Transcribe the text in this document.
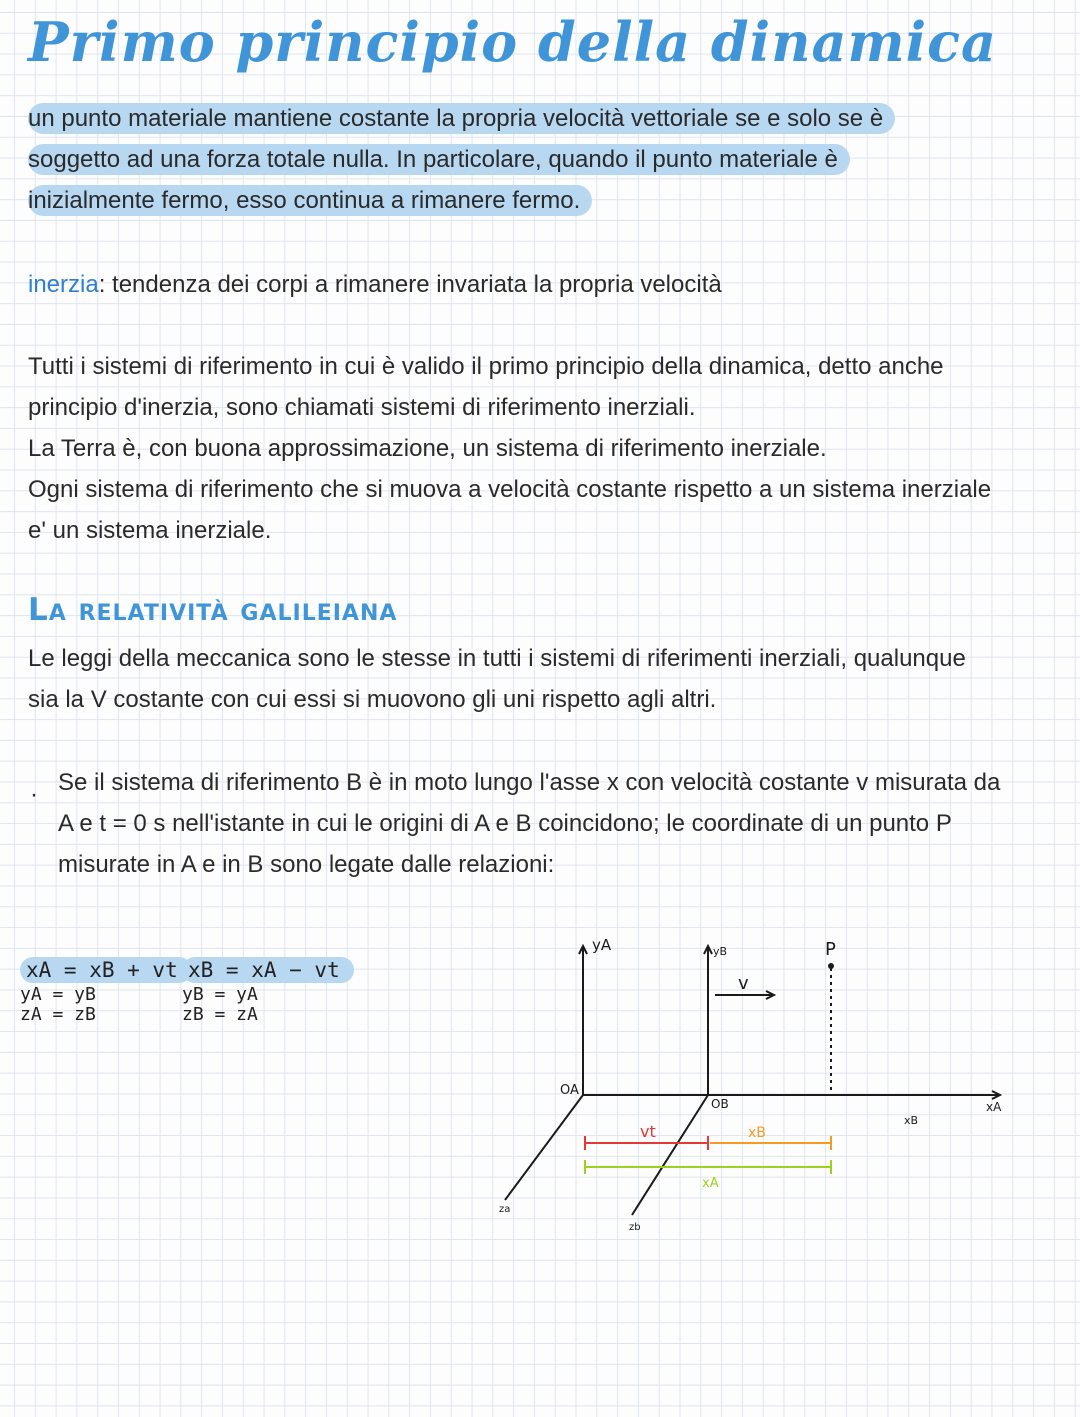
Primo principio della dinamica

un punto materiale mantiene costante la propria velocità vettoriale se e solo se è
soggetto ad una forza totale nulla. In particolare, quando il punto materiale è
inizialmente fermo, esso continua a rimanere fermo.

inerzia: tendenza dei corpi a rimanere invariata la propria velocità

Tutti i sistemi di riferimento in cui è valido il primo principio della dinamica, detto anche
principio d'inerzia, sono chiamati sistemi di riferimento inerziali.
La Terra è, con buona approssimazione, un sistema di riferimento inerziale.
Ogni sistema di riferimento che si muova a velocità costante rispetto a un sistema inerziale
e' un sistema inerziale.

La relatività galileiana

Le leggi della meccanica sono le stesse in tutti i sistemi di riferimenti inerziali, qualunque
sia la V costante con cui essi si muovono gli uni rispetto agli altri.

· Se il sistema di riferimento B è in moto lungo l'asse x con velocità costante v misurata da
A e t = 0 s nell'istante in cui le origini di A e B coincidono; le coordinate di un punto P
misurate in A e in B sono legate dalle relazioni:

xA = xB + vt
yA = yB
zA = zB
xB = xA − vt
yB = yA
zB = zA
yA	yB
OA
OB	xA
xB
za
zb
v
P
vt	xB
xA
